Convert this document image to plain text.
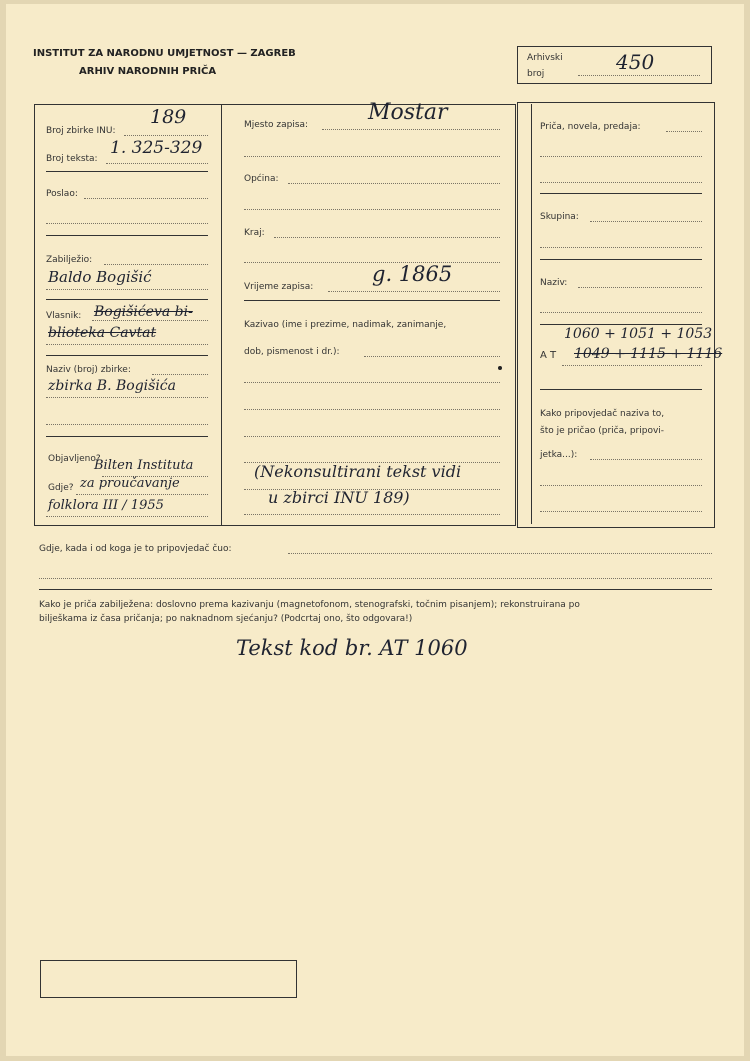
INSTITUT ZA NARODNU UMJETNOST — ZAGREB
ARHIV NARODNIH PRIČA
Arhivski
broj	450
Broj zbirke INU:
189
Broj teksta:
1. 325-329
Poslao:
Zabilježio:
Baldo Bogišić
Vlasnik: Bogišićeva bi-
blioteka Cavtat
Naziv (broj) zbirke:
zbirka B. Bogišića
Objavljeno?
Bilten Instituta
Gdje? za proučavanje
folklora III / 1955
Mjesto zapisa:	Mostar
Općina:
Kraj:
Vrijeme zapisa:
g. 1865
Kazivao (ime i prezime, nadimak, zanimanje,
dob, pismenost i dr.):
(Nekonsultirani tekst vidi
u zbirci INU 189)
Priča, novela, predaja:
Skupina:
Naziv:
1060 + 1051 + 1053
A T 1049 + 1115 + 1116
Kako pripovjedač naziva to,
što je pričao (priča, pripovi-
jetka...):
Gdje, kada i od koga je to pripovjedač čuo:
Kako je priča zabilježena: doslovno prema kazivanju (magnetofonom, stenografski, točnim pisanjem); rekonstruirana po
bilješkama iz časa pričanja; po naknadnom sjećanju? (Podcrtaj ono, što odgovara!)
Tekst kod br. AT 1060
